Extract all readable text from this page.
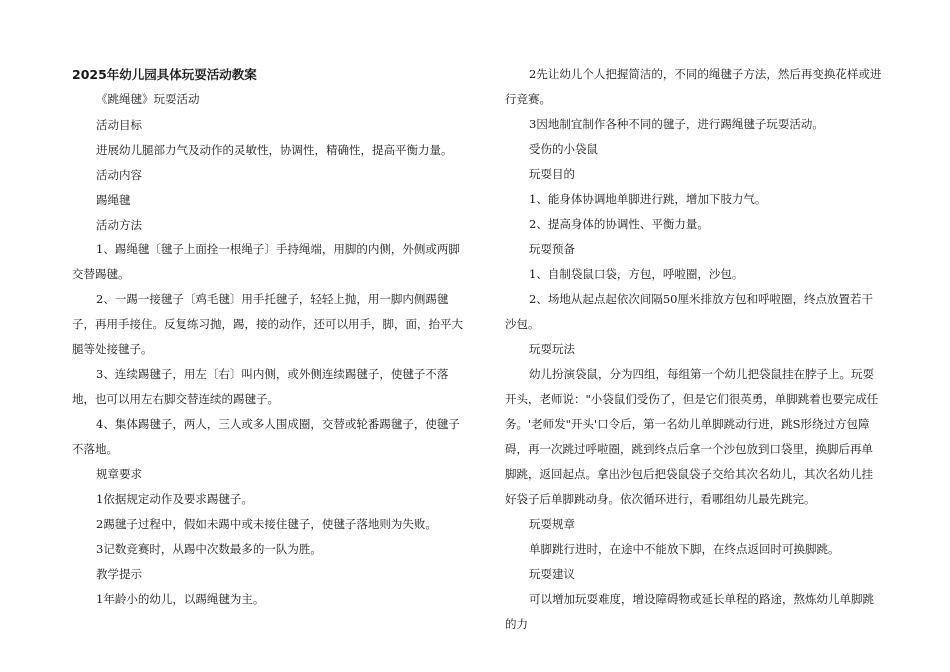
2025年幼儿园具体玩耍活动教案

《跳绳毽》玩耍活动

活动目标

进展幼儿腿部力气及动作的灵敏性，协调性，精确性，提高平衡力量。

活动内容

踢绳毽

活动方法

1、踢绳毽〔毽子上面拴一根绳子〕手持绳端，用脚的内侧，外侧或两脚交替踢毽。

2、一踢一接毽子〔鸡毛毽〕用手托毽子，轻轻上抛，用一脚内侧踢毽子，再用手接住。反复练习抛，踢，接的动作，还可以用手，脚，面，抬平大腿等处接毽子。

3、连续踢毽子，用左〔右〕叫内侧，或外侧连续踢毽子，使毽子不落地，也可以用左右脚交替连续的踢毽子。

4、集体踢毽子，两人，三人或多人围成圈，交替或轮番踢毽子，使毽子不落地。

规章要求

1依据规定动作及要求踢毽子。

2踢毽子过程中，假如未踢中或未接住毽子，使毽子落地则为失败。

3记数竞赛时，从踢中次数最多的一队为胜。

教学提示

1年龄小的幼儿，以踢绳毽为主。

2先让幼儿个人把握简洁的，不同的绳毽子方法，然后再变换花样或进行竞赛。

3因地制宜制作各种不同的毽子，进行踢绳毽子玩耍活动。

受伤的小袋鼠

玩耍目的

1、能身体协调地单脚进行跳，增加下肢力气。

2、提高身体的协调性、平衡力量。

玩耍预备

1、自制袋鼠口袋，方包，呼啦圈，沙包。

2、场地从起点起依次间隔50厘米排放方包和呼啦圈，终点放置若干沙包。

玩耍玩法

幼儿扮演袋鼠，分为四组，每组第一个幼儿把袋鼠挂在脖子上。玩耍开头，老师说："小袋鼠们受伤了，但是它们很英勇，单脚跳着也要完成任务。'老师发"开头'口令后，第一名幼儿单脚跳动行进，跳S形绕过方包障碍，再一次跳过呼啦圈，跳到终点后拿一个沙包放到口袋里，换脚后再单脚跳，返回起点。拿出沙包后把袋鼠袋子交给其次名幼儿，其次名幼儿挂好袋子后单脚跳动身。依次循环进行，看哪组幼儿最先跳完。

玩耍规章

单脚跳行进时，在途中不能放下脚，在终点返回时可换脚跳。

玩耍建议

可以增加玩耍难度，增设障碍物或延长单程的路途，熬炼幼儿单脚跳的力
